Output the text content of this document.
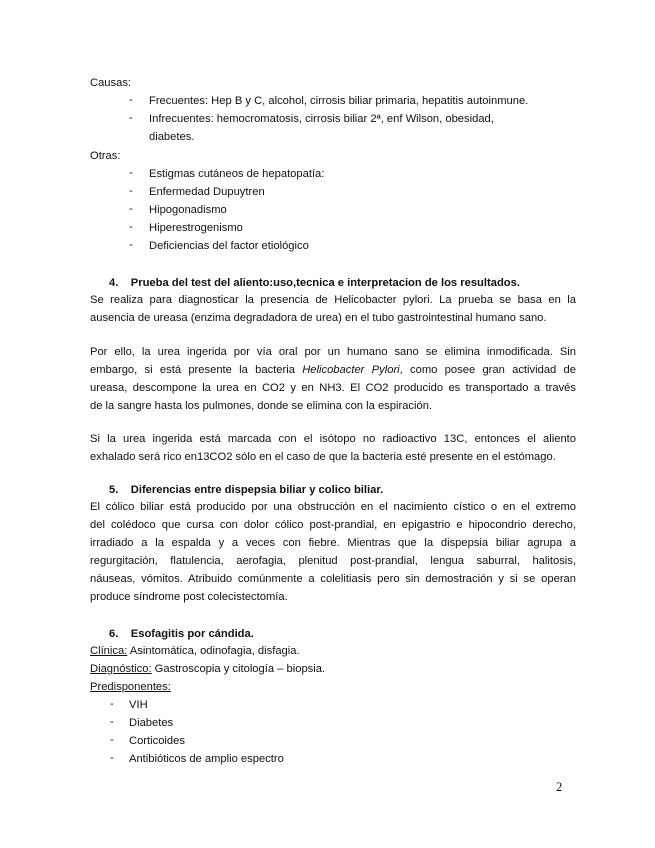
Causas:
- Frecuentes: Hep B y C, alcohol, cirrosis biliar primaria, hepatitis autoinmune.
- Infrecuentes: hemocromatosis, cirrosis biliar 2ª, enf Wilson, obesidad,
diabetes.
Otras:
- Estigmas cutáneos de hepatopatía:
- Enfermedad Dupuytren
- Hipogonadismo
- Hiperestrogenismo
- Deficiencias del factor etiológico
4.    Prueba del test del aliento:uso,tecnica e interpretacion de los resultados.
Se realiza para diagnosticar la presencia de Helicobacter pylori. La prueba se basa en la
ausencia de ureasa (enzima degradadora de urea) en el tubo gastrointestinal humano sano.
Por ello, la urea ingerida por vía oral por un humano sano se elimina inmodificada. Sin
embargo, si está presente la bacteria Helicobacter Pylori, como posee gran actividad de
ureasa, descompone la urea en CO2 y en NH3. El CO2 producido es transportado a través
de la sangre hasta los pulmones, donde se elimina con la espiración.
Si la urea ingerida está marcada con el isótopo no radioactivo 13C, entonces el aliento
exhalado será rico en13CO2 sólo en el caso de que la bacteria esté presente en el estómago.
5.    Diferencias entre dispepsia biliar y colico biliar.
El cólico biliar está producido por una obstrucción en el nacimiento cístico o en el extremo
del colédoco que cursa con dolor cólico post-prandial, en epigastrio e hipocondrio derecho,
irradiado a la espalda y a veces con fiebre. Mientras que la dispepsia biliar agrupa a
regurgitación, flatulencia, aerofagia, plenitud post-prandial, lengua saburral, halitosis,
náuseas, vómitos. Atribuido comúnmente a colelitiasis pero sin demostración y si se operan
produce síndrome post colecistectomía.
6.    Esofagitis por cándida.
Clínica: Asintomática, odinofagia, disfagia.
Diagnóstico: Gastroscopia y citología – biopsia.
Predisponentes:
- VIH
- Diabetes
- Corticoides
- Antibióticos de amplio espectro
2
